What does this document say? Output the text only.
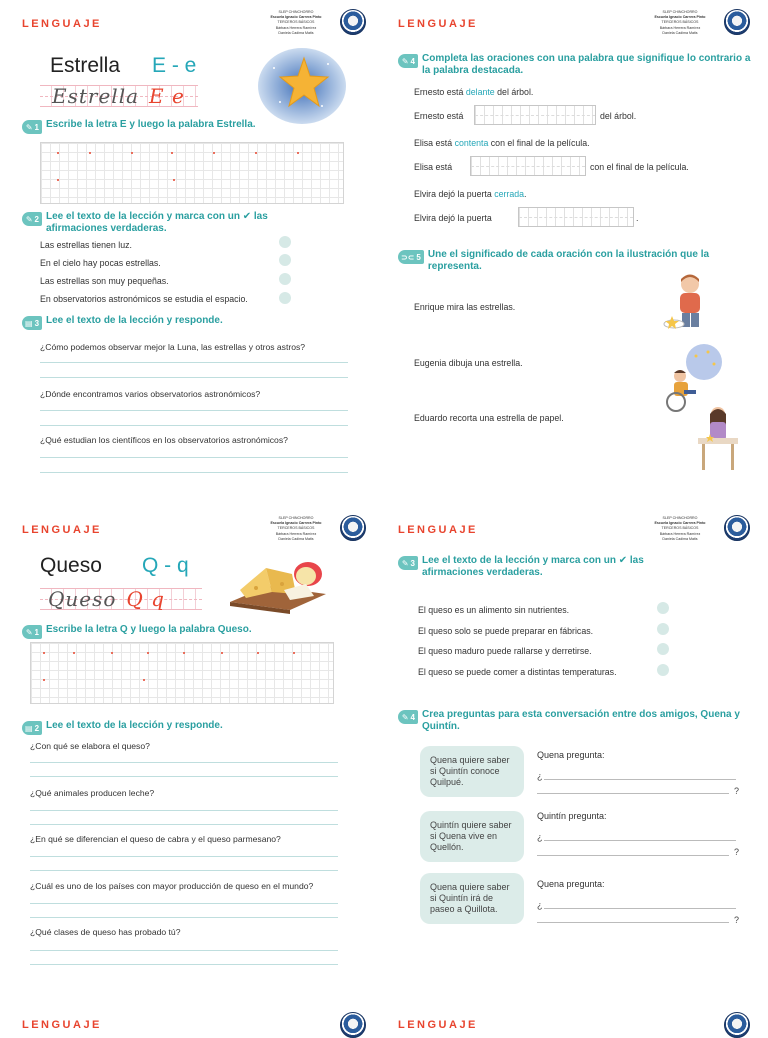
LENGUAJE
SLEP CHINCHORRO
Escuela Ignacio Carrera Pinto
TERCEROS BÁSICOS
Bárbara Herrera Ramírez
Daniela Cadima Matis
Estrella E - e
Estrella E e
✎ 1 Escribe la letra E y luego la palabra Estrella.
✎ 2 Lee el texto de la lección y marca con un ✔ las afirmaciones verdaderas.
Las estrellas tienen luz.
En el cielo hay pocas estrellas.
Las estrellas son muy pequeñas.
En observatorios astronómicos se estudia el espacio.
▤ 3 Lee el texto de la lección y responde.
¿Cómo podemos observar mejor la Luna, las estrellas y otros astros?
¿Dónde encontramos varios observatorios astronómicos?
¿Qué estudian los científicos en los observatorios astronómicos?
LENGUAJE
SLEP CHINCHORRO
Escuela Ignacio Carrera Pinto
TERCEROS BÁSICOS
Bárbara Herrera Ramírez
Daniela Cadima Matis
✎ 4 Completa las oraciones con una palabra que signifique lo contrario a la palabra destacada.
Ernesto está delante del árbol.
Ernesto está	del árbol.
Elisa está contenta con el final de la película.
Elisa está	con el final de la película.
Elvira dejó la puerta cerrada.
Elvira dejó la puerta	.
⊃⊂ 5 Une el significado de cada oración con la ilustración que la representa.
Enrique mira las estrellas.
Eugenia dibuja una estrella.
Eduardo recorta una estrella de papel.
LENGUAJE
SLEP CHINCHORRO
Escuela Ignacio Carrera Pinto
TERCEROS BÁSICOS
Bárbara Herrera Ramírez
Daniela Cadima Matis
Queso Q - q
Queso Q q
✎ 1 Escribe la letra Q y luego la palabra Queso.
▤ 2 Lee el texto de la lección y responde.
¿Con qué se elabora el queso?
¿Qué animales producen leche?
¿En qué se diferencian el queso de cabra y el queso parmesano?
¿Cuál es uno de los países con mayor producción de queso en el mundo?
¿Qué clases de queso has probado tú?
LENGUAJE
SLEP CHINCHORRO
Escuela Ignacio Carrera Pinto
TERCEROS BÁSICOS
Bárbara Herrera Ramírez
Daniela Cadima Matis
✎ 3 Lee el texto de la lección y marca con un ✔ las afirmaciones verdaderas.
El queso es un alimento sin nutrientes.
El queso solo se puede preparar en fábricas.
El queso maduro puede rallarse y derretirse.
El queso se puede comer a distintas temperaturas.
✎ 4 Crea preguntas para esta conversación entre dos amigos, Quena y Quintín.
Quena quiere saber si Quintín conoce Quilpué.
Quena pregunta:
¿
?
Quintín quiere saber si Quena vive en Quellón.
Quintín pregunta:
¿
?
Quena quiere saber si Quintín irá de paseo a Quillota.
Quena pregunta:
¿
?
LENGUAJE	LENGUAJE
